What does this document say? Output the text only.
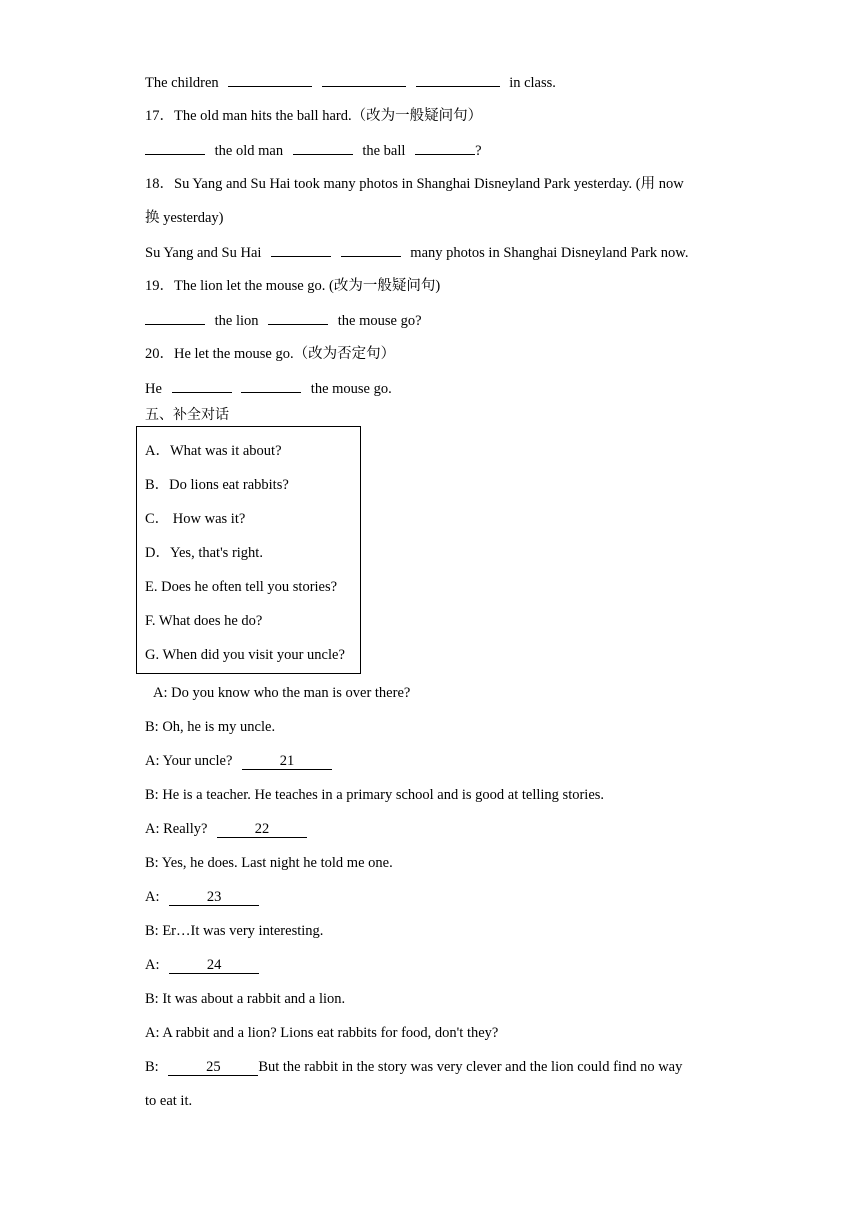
The children	in class.
17．The old man hits the ball hard.（改为一般疑问句）
the old man	the ball	?
18．Su Yang and Su Hai took many photos in Shanghai Disneyland Park yesterday. (用 now
换 yesterday)
Su Yang and Su Hai	many photos in Shanghai Disneyland Park now.
19．The lion let the mouse go. (改为一般疑问句)
the lion	the mouse go?
20．He let the mouse go.（改为否定句）
He	the mouse go.
五、补全对话
A．What was it about?
B．Do lions eat rabbits?
C． How was it?
D．Yes, that's right.
E. Does he often tell you stories?
F. What does he do?
G. When did you visit your uncle?
A: Do you know who the man is over there?
B: Oh, he is my uncle.
A: Your uncle?	21
B: He is a teacher. He teaches in a primary school and is good at telling stories.
A: Really?	22
B: Yes, he does. Last night he told me one.
A:	23
B: Er…It was very interesting.
A:	24
B: It was about a rabbit and a lion.
A: A rabbit and a lion? Lions eat rabbits for food, don't they?
B:	25	But the rabbit in the story was very clever and the lion could find no way
to eat it.
